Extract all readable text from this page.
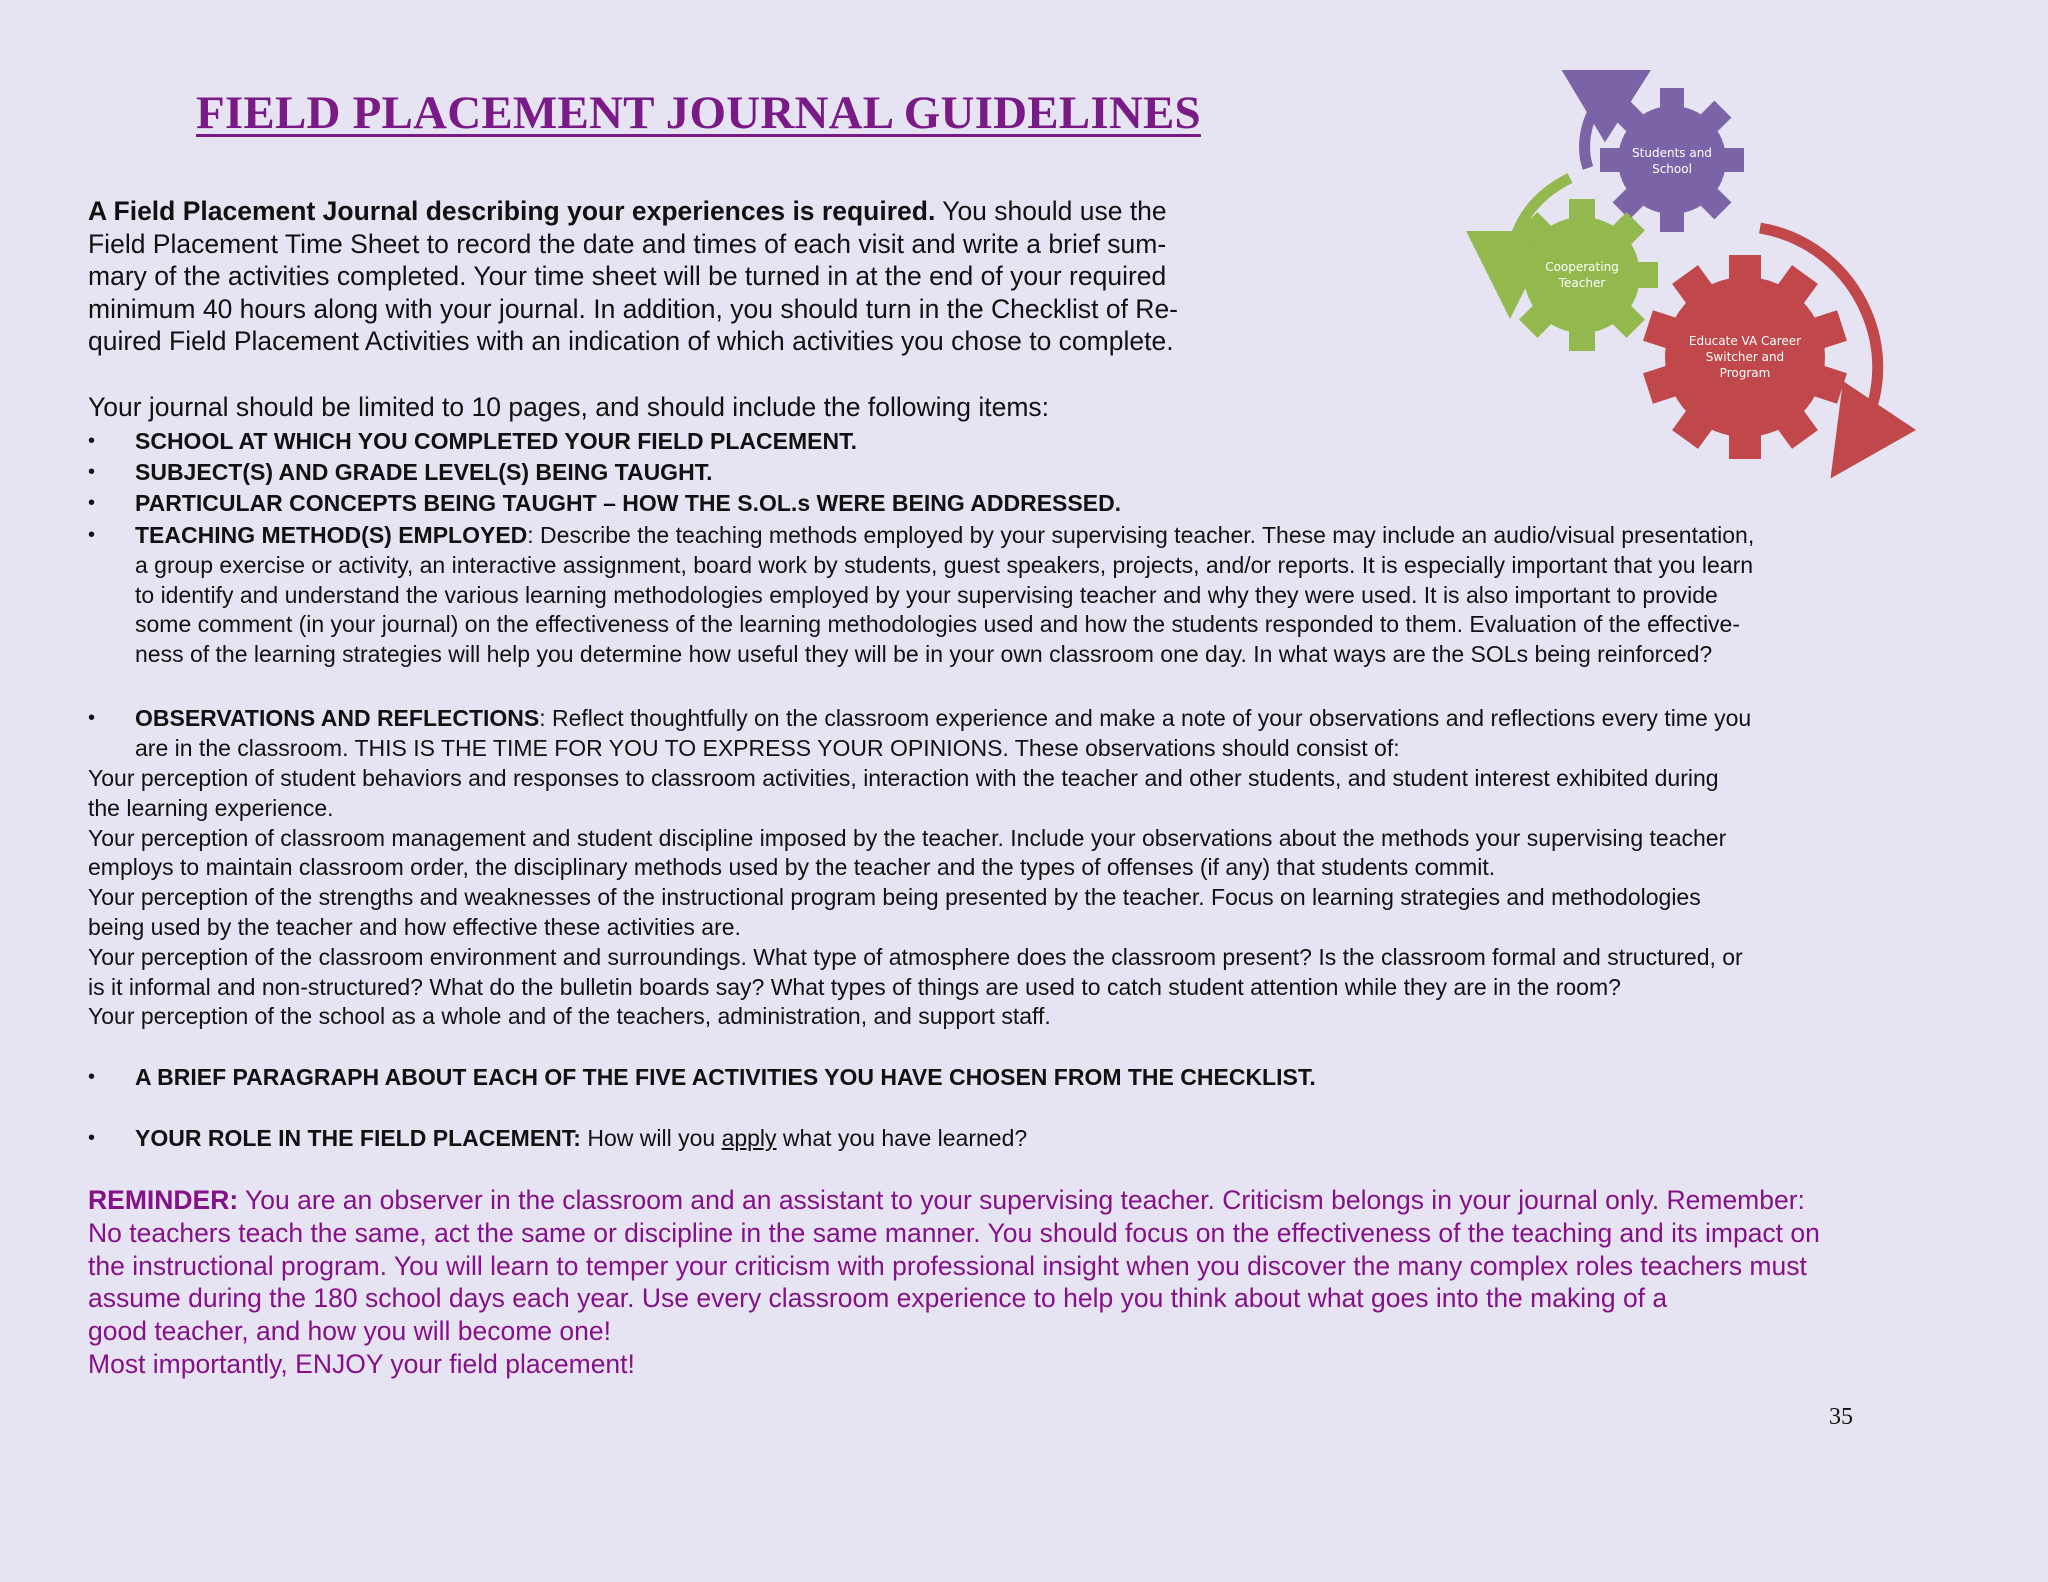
FIELD PLACEMENT JOURNAL GUIDELINES
Students and
School
Cooperating
Teacher
Educate VA Career
Switcher and
Program
A Field Placement Journal describing your experiences is required. You should use the
Field Placement Time Sheet to record the date and times of each visit and write a brief sum-
mary of the activities completed. Your time sheet will be turned in at the end of your required
minimum 40 hours along with your journal. In addition, you should turn in the Checklist of Re-
quired Field Placement Activities with an indication of which activities you chose to complete.

Your journal should be limited to 10 pages, and should include the following items:

•	SCHOOL AT WHICH YOU COMPLETED YOUR FIELD PLACEMENT.
•	SUBJECT(S) AND GRADE LEVEL(S) BEING TAUGHT.
•	PARTICULAR CONCEPTS BEING TAUGHT – HOW THE S.OL.s WERE BEING ADDRESSED.
•	TEACHING METHOD(S) EMPLOYED: Describe the teaching methods employed by your supervising teacher. These may include an audio/visual presentation,
a group exercise or activity, an interactive assignment, board work by students, guest speakers, projects, and/or reports. It is especially important that you learn
to identify and understand the various learning methodologies employed by your supervising teacher and why they were used. It is also important to provide
some comment (in your journal) on the effectiveness of the learning methodologies used and how the students responded to them. Evaluation of the effective-
ness of the learning strategies will help you determine how useful they will be in your own classroom one day. In what ways are the SOLs being reinforced?
•	OBSERVATIONS AND REFLECTIONS: Reflect thoughtfully on the classroom experience and make a note of your observations and reflections every time you
are in the classroom. THIS IS THE TIME FOR YOU TO EXPRESS YOUR OPINIONS. These observations should consist of:
Your perception of student behaviors and responses to classroom activities, interaction with the teacher and other students, and student interest exhibited during
the learning experience.
Your perception of classroom management and student discipline imposed by the teacher. Include your observations about the methods your supervising teacher
employs to maintain classroom order, the disciplinary methods used by the teacher and the types of offenses (if any) that students commit.
Your perception of the strengths and weaknesses of the instructional program being presented by the teacher. Focus on learning strategies and methodologies
being used by the teacher and how effective these activities are.
Your perception of the classroom environment and surroundings. What type of atmosphere does the classroom present? Is the classroom formal and structured, or
is it informal and non-structured? What do the bulletin boards say? What types of things are used to catch student attention while they are in the room?
Your perception of the school as a whole and of the teachers, administration, and support staff.
•	A BRIEF PARAGRAPH ABOUT EACH OF THE FIVE ACTIVITIES YOU HAVE CHOSEN FROM THE CHECKLIST.
•	YOUR ROLE IN THE FIELD PLACEMENT: How will you apply what you have learned?
REMINDER: You are an observer in the classroom and an assistant to your supervising teacher. Criticism belongs in your journal only. Remember:
No teachers teach the same, act the same or discipline in the same manner. You should focus on the effectiveness of the teaching and its impact on
the instructional program. You will learn to temper your criticism with professional insight when you discover the many complex roles teachers must
assume during the 180 school days each year. Use every classroom experience to help you think about what goes into the making of a
good teacher, and how you will become one!
Most importantly, ENJOY your field placement!
35
